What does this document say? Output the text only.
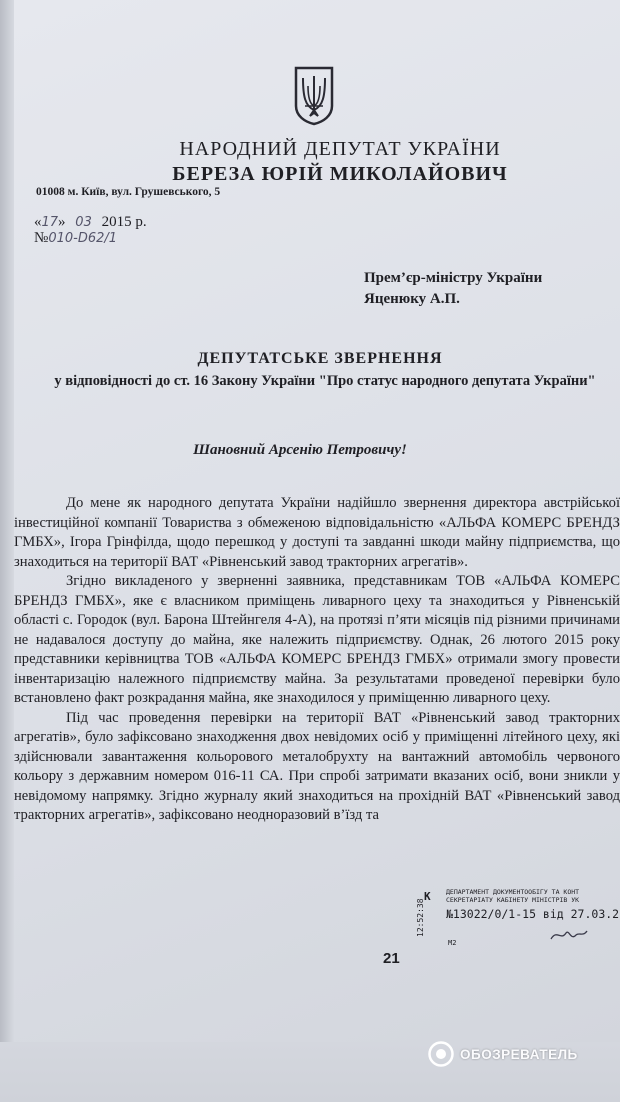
НАРОДНИЙ ДЕПУТАТ УКРАЇНИ
БЕРЕЗА ЮРІЙ МИКОЛАЙОВИЧ
01008 м. Київ, вул. Грушевського, 5
«17» 03 2015 р.
№010-D62/1
Прем’єр-міністру України
Яценюку А.П.
ДЕПУТАТСЬКЕ ЗВЕРНЕННЯ
у відповідності до ст. 16 Закону України "Про статус народного депутата України"
Шановний Арсенію Петровичу!

До мене як народного депутата України надійшло звернення директора австрійської інвестиційної компанії Товариства з обмеженою відповідальністю «АЛЬФА КОМЕРС БРЕНДЗ ГМБХ», Ігора Грінфілда, щодо перешкод у доступі та завданні шкоди майну підприємства, що знаходиться на території ВАТ «Рівненський завод тракторних агрегатів».

Згідно викладеного у зверненні заявника, представникам ТОВ «АЛЬФА КОМЕРС БРЕНДЗ ГМБХ», яке є власником приміщень ливарного цеху та знаходиться у Рівненській області с. Городок (вул. Барона Штейнгеля 4-А), на протязі п’яти місяців під різними причинами не надавалося доступу до майна, яке належить підприємству. Однак, 26 лютого 2015 року представники керівництва ТОВ «АЛЬФА КОМЕРС БРЕНДЗ ГМБХ» отримали змогу провести інвентаризацію належного підприємству майна. За результатами проведеної перевірки було встановлено факт розкрадання майна, яке знаходилося у приміщенню ливарного цеху.

Під час проведення перевірки на території ВАТ «Рівненський завод тракторних агрегатів», було зафіксовано знаходження двох невідомих осіб у приміщенні літейного цеху, які здійснювали завантаження кольорового металобрухту на вантажний автомобіль червоного кольору з державним номером 016-11 СА. При спробі затримати вказаних осіб, вони зникли у невідомому напрямку. Згідно журналу який знаходиться на прохідній ВАТ «Рівненський завод тракторних агрегатів», зафіксовано неодноразовий в’їзд та

К ДЕПАРТАМЕНТ ДОКУМЕНТООБІГУ ТА КОНТ
СЕКРЕТАРІАТУ КАБІНЕТУ МІНІСТРІВ УК
№13022/0/1-15 від 27.03.2
12:52:38
М2
21
ОБОЗРЕВАТЕЛЬ
